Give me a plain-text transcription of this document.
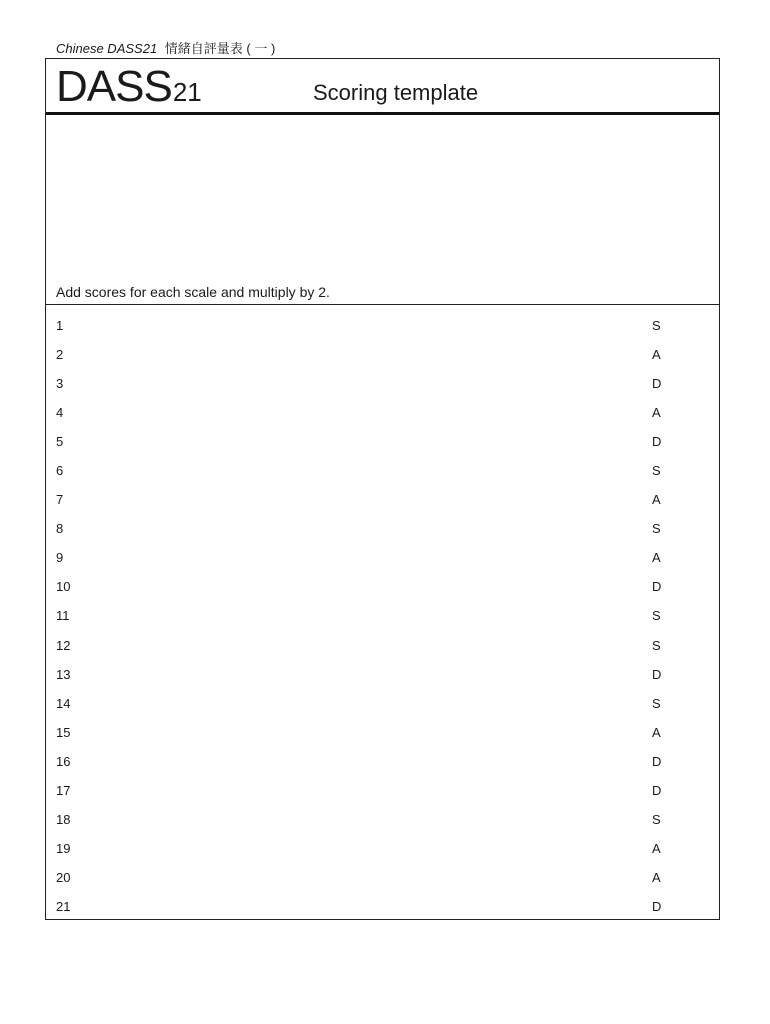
Chinese DASS21 情緒自評量表 ( 一 )
DASS21	Scoring template
Add scores for each scale and multiply by 2.
1	S
2	A
3	D
4	A
5	D
6	S
7	A
8	S
9	A
10	D
11	S
12	S
13	D
14	S
15	A
16	D
17	D
18	S
19	A
20	A
21	D
